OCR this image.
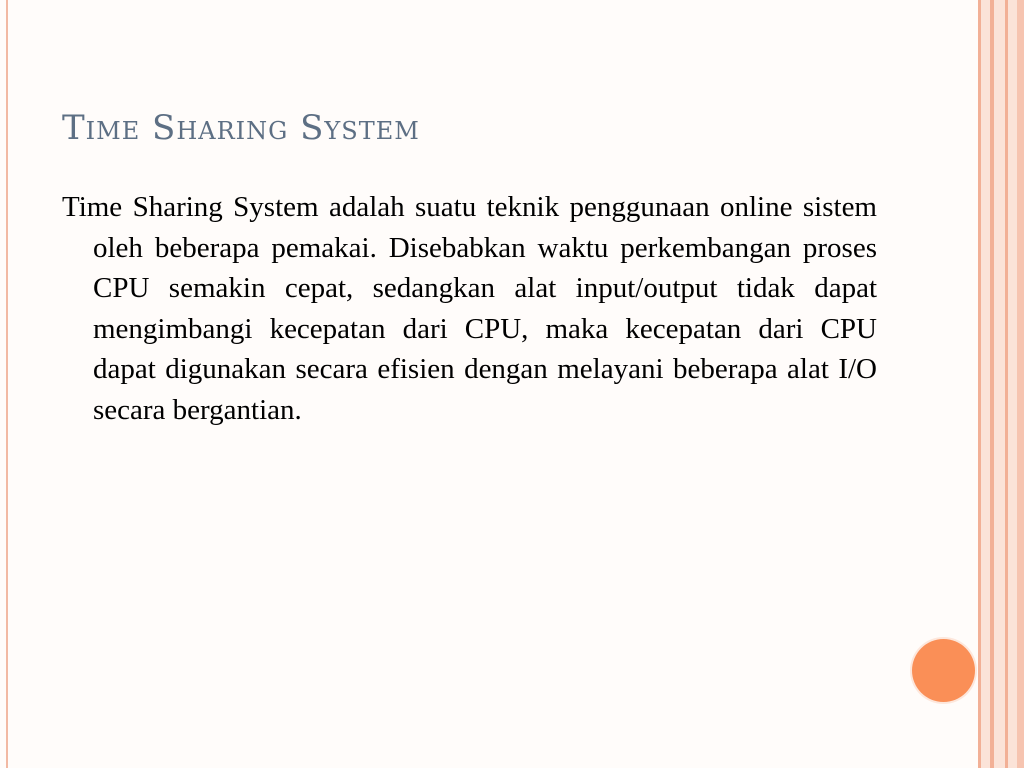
Time Sharing System

Time Sharing System adalah suatu teknik penggunaan online sistem oleh beberapa pemakai. Disebabkan waktu perkembangan proses CPU semakin cepat, sedangkan alat input/output tidak dapat mengimbangi kecepatan dari CPU, maka kecepatan dari CPU dapat digunakan secara efisien dengan melayani beberapa alat I/O secara bergantian.
